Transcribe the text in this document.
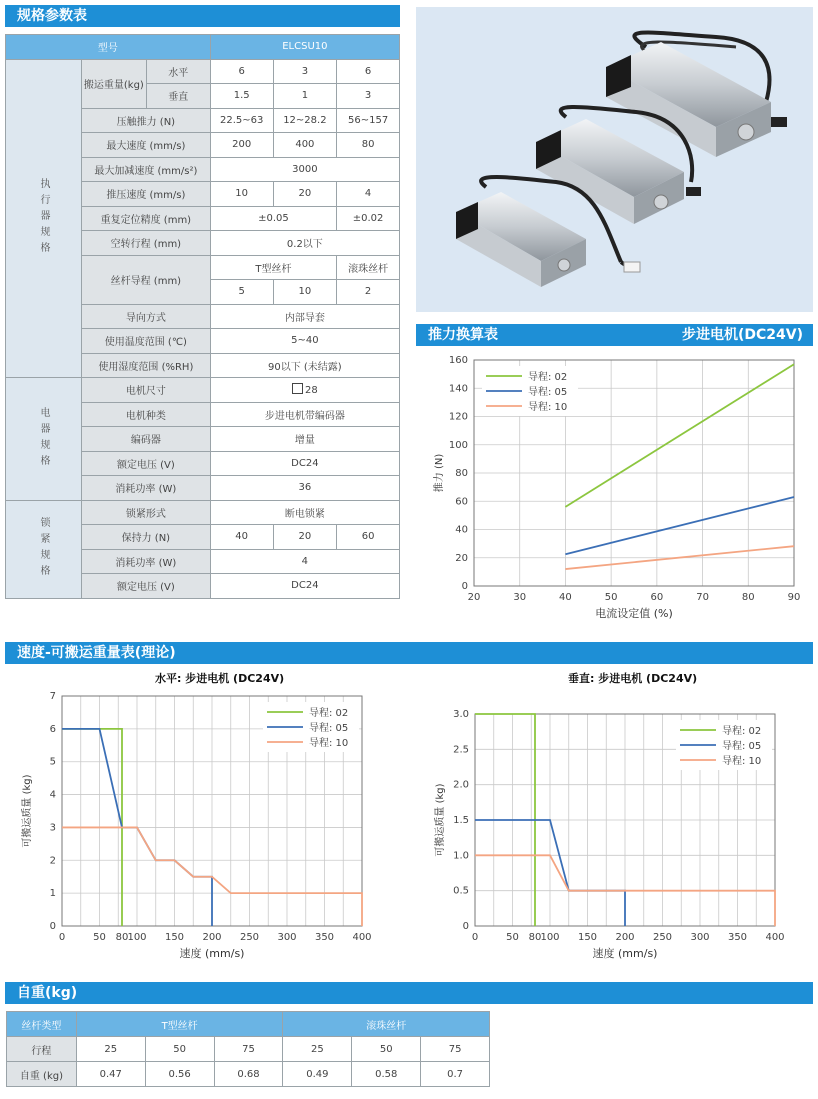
规格参数表
型号			ELCSU10		

执行器规格	搬运重量(kg)	水平	6	3	6
		垂直	1.5	1	3
	压触推力 (N)		22.5~63	12~28.2	56~157
	最大速度 (mm/s)		200	400	80
	最大加减速度 (mm/s²)		3000		
	推压速度 (mm/s)		10	20	4
	重复定位精度 (mm)		±0.05		±0.02
	空转行程 (mm)		0.2以下		
	丝杆导程 (mm)		T型丝杆		滚珠丝杆
			5	10	2
	导向方式		内部导套		
	使用温度范围 (℃)		5~40		
	使用湿度范围 (%RH)		90以下 (未结露)		

电器规格	电机尺寸		28		
	电机种类		步进电机带编码器		
	编码器		增量		
	额定电压 (V)		DC24		
	消耗功率 (W)		36		

锁紧规格	锁紧形式		断电锁紧		
	保持力 (N)		40	20	60
	消耗功率 (W)		4		
	额定电压 (V)		DC24		
推力换算表	步进电机(DC24V)
20	30	40	50	60	70	80	90
0
20
40
60
80
100
120
140
160
电流设定值 (%)
推力 (N)
导程: 02
导程: 05
导程: 10
速度-可搬运重量表(理论)
水平: 步进电机 (DC24V)
0	50 80 100 150 200 250 300 350 400
0
1
2
3
4
5
6
7
速度 (mm/s)
可搬运质量 (kg)
导程: 02
导程: 05
导程: 10
垂直: 步进电机 (DC24V)
0	50 80 100 150 200 250 300 350 400
0
0.5
1.0
1.5
2.0
2.5
3.0
速度 (mm/s)
可搬运质量 (kg)
导程: 02
导程: 05
导程: 10
自重(kg)
丝杆类型	T型丝杆			滚珠丝杆		
行程	25	50	75	25	50	75
自重 (kg)	0.47	0.56	0.68	0.49	0.58	0.7
